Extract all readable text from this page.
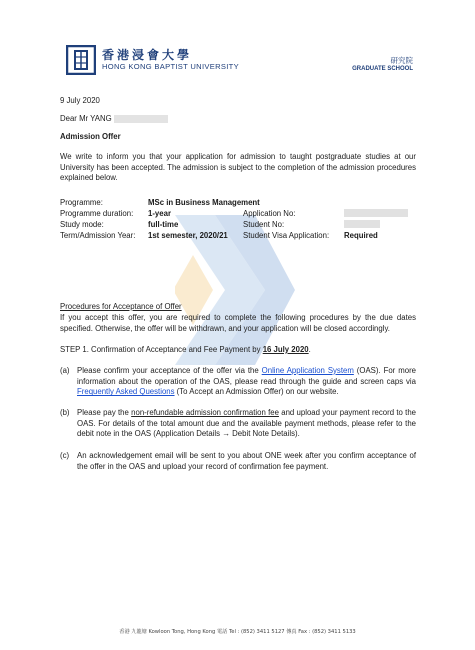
香港浸會大學
HONG KONG BAPTIST UNIVERSITY
研究院
GRADUATE SCHOOL
9 July 2020
Dear Mr YANG
Admission Offer
We write to inform you that your application for admission to taught postgraduate studies at our University has been accepted. The admission is subject to the completion of the admission procedures explained below.
Programme:	MSc in Business Management
Programme duration:	1-year	Application No:
Study mode:	full-time	Student No:
Term/Admission Year:	1st semester, 2020/21	Student Visa Application:	Required
Procedures for Acceptance of Offer
If you accept this offer, you are required to complete the following procedures by the due dates specified. Otherwise, the offer will be withdrawn, and your application will be closed accordingly.
STEP 1. Confirmation of Acceptance and Fee Payment by 16 July 2020.
(a) Please confirm your acceptance of the offer via the Online Application System (OAS). For more information about the operation of the OAS, please read through the guide and screen caps via Frequently Asked Questions (To Accept an Admission Offer) on our website.
(b) Please pay the non-refundable admission confirmation fee and upload your payment record to the OAS. For details of the total amount due and the available payment methods, please refer to the debit note in the OAS (Application Details → Debit Note Details).
(c) An acknowledgement email will be sent to you about ONE week after you confirm acceptance of the offer in the OAS and upload your record of confirmation fee payment.
香港 九龍塘 Kowloon Tong, Hong Kong 電話 Tel : (852) 3411 5127 傳真 Fax : (852) 3411 5133
